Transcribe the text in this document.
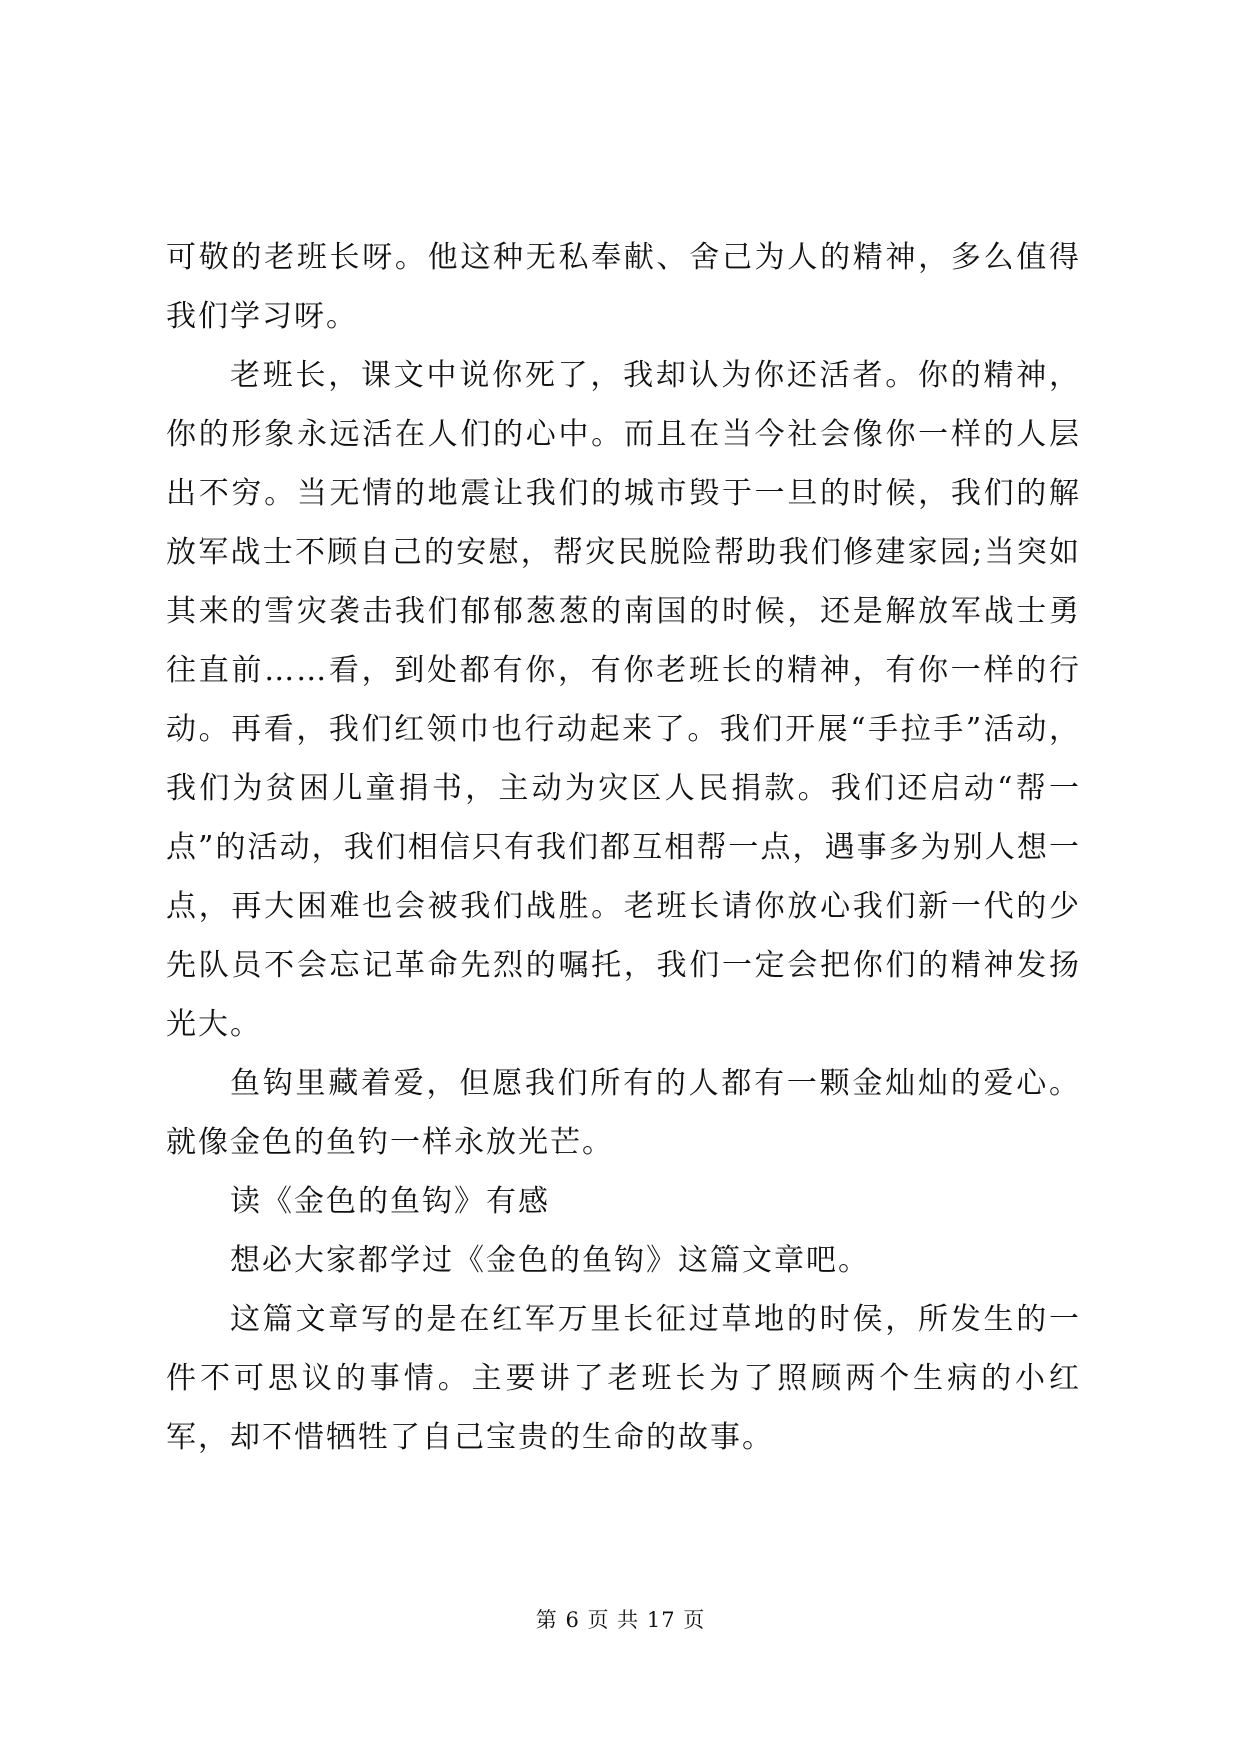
可敬的老班长呀。他这种无私奉献、舍己为人的精神，多么值得我们学习呀。

老班长，课文中说你死了，我却认为你还活者。你的精神，你的形象永远活在人们的心中。而且在当今社会像你一样的人层出不穷。当无情的地震让我们的城市毁于一旦的时候，我们的解放军战士不顾自己的安慰，帮灾民脱险帮助我们修建家园;当突如其来的雪灾袭击我们郁郁葱葱的南国的时候，还是解放军战士勇往直前……看，到处都有你，有你老班长的精神，有你一样的行动。再看，我们红领巾也行动起来了。我们开展“手拉手”活动，我们为贫困儿童捐书，主动为灾区人民捐款。我们还启动“帮一点”的活动，我们相信只有我们都互相帮一点，遇事多为别人想一点，再大困难也会被我们战胜。老班长请你放心我们新一代的少先队员不会忘记革命先烈的嘱托，我们一定会把你们的精神发扬光大。

鱼钩里藏着爱，但愿我们所有的人都有一颗金灿灿的爱心。就像金色的鱼钓一样永放光芒。

读《金色的鱼钩》有感

想必大家都学过《金色的鱼钩》这篇文章吧。

这篇文章写的是在红军万里长征过草地的时侯，所发生的一件不可思议的事情。主要讲了老班长为了照顾两个生病的小红军，却不惜牺牲了自己宝贵的生命的故事。

第 6 页 共 17 页
